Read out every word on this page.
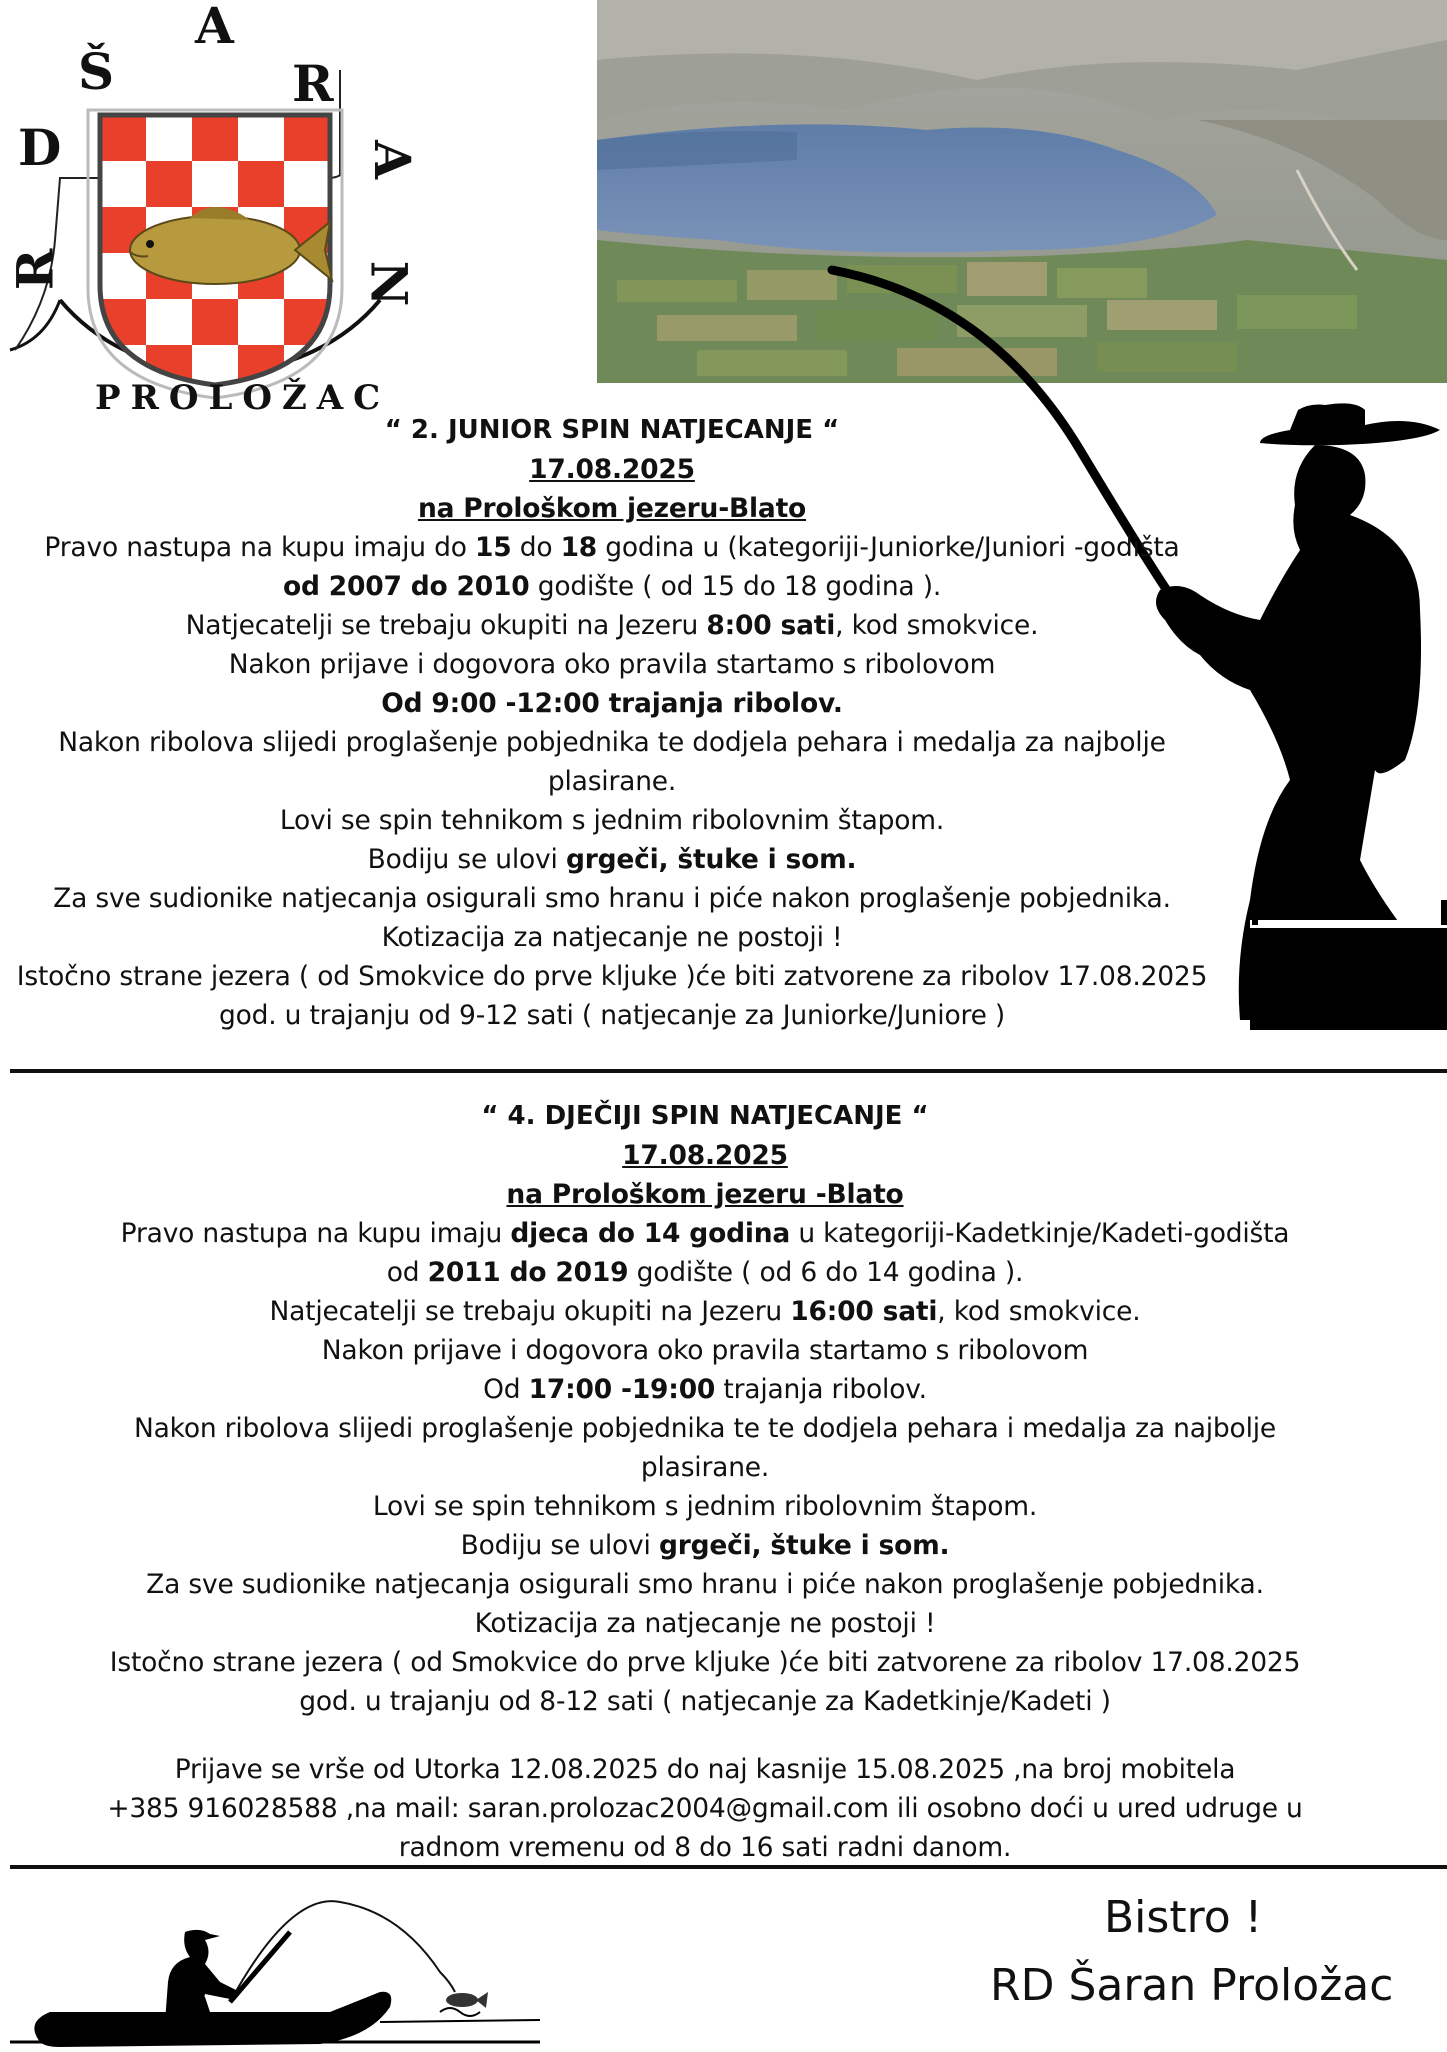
A
Š	R
D	A
R	N
PROLOŽAC
“ 2. JUNIOR SPIN NATJECANJE “
17.08.2025
na Prološkom jezeru-Blato
Pravo nastupa na kupu imaju do 15 do 18 godina u (kategoriji-Juniorke/Juniori -godišta
od 2007 do 2010 godište ( od 15 do 18 godina ).
Natjecatelji se trebaju okupiti na Jezeru 8:00 sati, kod smokvice.
Nakon prijave i dogovora oko pravila startamo s ribolovom
Od 9:00 -12:00 trajanja ribolov.
Nakon ribolova slijedi proglašenje pobjednika te dodjela pehara i medalja za najbolje
plasirane.
Lovi se spin tehnikom s jednim ribolovnim štapom.
Bodiju se ulovi grgeči, štuke i som.
Za sve sudionike natjecanja osigurali smo hranu i piće nakon proglašenje pobjednika.
Kotizacija za natjecanje ne postoji !
Istočno strane jezera ( od Smokvice do prve kljuke )će biti zatvorene za ribolov 17.08.2025
god. u trajanju od 9-12 sati ( natjecanje za Juniorke/Juniore )
“ 4. DJEČIJI SPIN NATJECANJE “
17.08.2025
na Prološkom jezeru -Blato
Pravo nastupa na kupu imaju djeca do 14 godina u kategoriji-Kadetkinje/Kadeti-godišta
od 2011 do 2019 godište ( od 6 do 14 godina ).
Natjecatelji se trebaju okupiti na Jezeru 16:00 sati, kod smokvice.
Nakon prijave i dogovora oko pravila startamo s ribolovom
Od 17:00 -19:00 trajanja ribolov.
Nakon ribolova slijedi proglašenje pobjednika te te dodjela pehara i medalja za najbolje
plasirane.
Lovi se spin tehnikom s jednim ribolovnim štapom.
Bodiju se ulovi grgeči, štuke i som.
Za sve sudionike natjecanja osigurali smo hranu i piće nakon proglašenje pobjednika.
Kotizacija za natjecanje ne postoji !
Istočno strane jezera ( od Smokvice do prve kljuke )će biti zatvorene za ribolov 17.08.2025
god. u trajanju od 8-12 sati ( natjecanje za Kadetkinje/Kadeti )
Prijave se vrše od Utorka 12.08.2025 do naj kasnije 15.08.2025 ,na broj mobitela
+385 916028588 ,na mail: saran.prolozac2004@gmail.com ili osobno doći u ured udruge u
radnom vremenu od 8 do 16 sati radni danom.
Bistro !
RD Šaran Proložac
